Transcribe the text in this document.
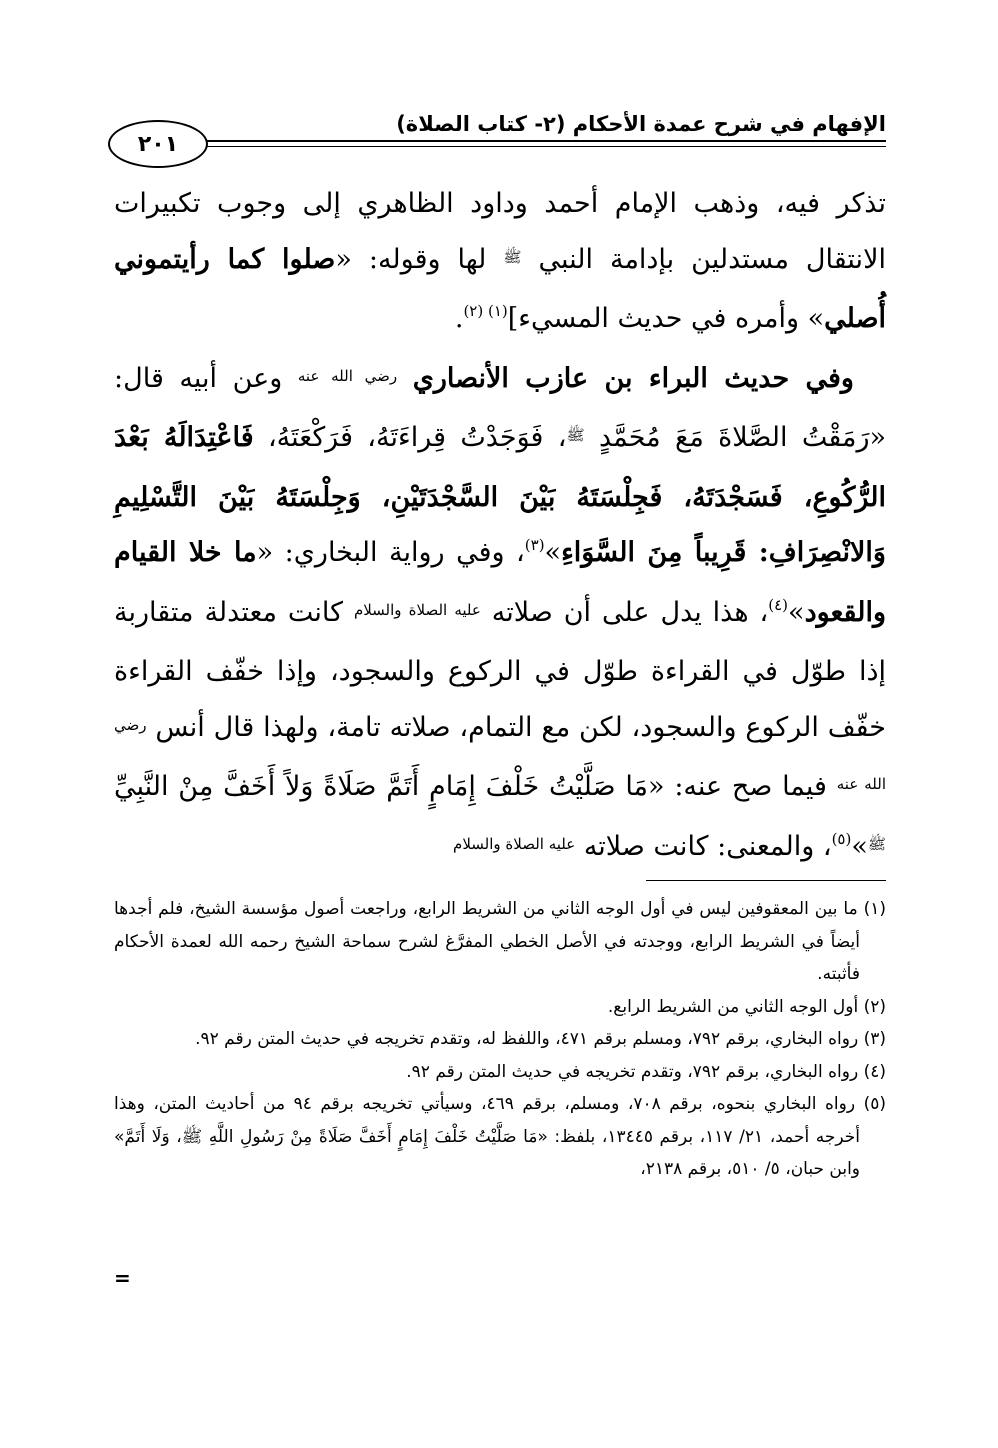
الإفهام في شرح عمدة الأحكام (٢- كتاب الصلاة)
٢٠١

تذكر فيه، وذهب الإمام أحمد وداود الظاهري إلى وجوب تكبيرات الانتقال مستدلين بإدامة النبي $^ﷺ$ لها وقوله: «صلوا كما رأيتموني أُصلي» وأمره في حديث المسيء]$^{(١) (٢)}$.

وفي حديث البراء بن عازب الأنصاري $^{رضي الله عنه}$ وعن أبيه قال: «رَمَقْتُ الصَّلاةَ مَعَ مُحَمَّدٍ $^ﷺ$، فَوَجَدْتُ قِراءَتَهُ، فَرَكْعَتَهُ، فَاعْتِدَالَهُ بَعْدَ الرُّكُوعِ، فَسَجْدَتَهُ، فَجِلْسَتَهُ بَيْنَ السَّجْدَتَيْنِ، وَجِلْسَتَهُ بَيْنَ التَّسْلِيمِ وَالانْصِرَافِ: قَرِيباً مِنَ السَّوَاءِ»$^{(٣)}$، وفي رواية البخاري: «ما خلا القيام والقعود»$^{(٤)}$، هذا يدل على أن صلاته $^{عليه الصلاة والسلام}$ كانت معتدلة متقاربة إذا طوّل في القراءة طوّل في الركوع والسجود، وإذا خفّف القراءة خفّف الركوع والسجود، لكن مع التمام، صلاته تامة، ولهذا قال أنس $^{رضي الله عنه}$ فيما صح عنه: «مَا صَلَّيْتُ خَلْفَ إِمَامٍ أَتَمَّ صَلَاةً وَلاً أَخَفَّ مِنْ النَّبِيِّ $^ﷺ$»$^{(٥)}$، والمعنى: كانت صلاته $^{عليه الصلاة والسلام}$

(١) ما بين المعقوفين ليس في أول الوجه الثاني من الشريط الرابع، وراجعت أصول مؤسسة الشيخ، فلم أجدها أيضاً في الشريط الرابع، ووجدته في الأصل الخطي المفرَّغ لشرح سماحة الشيخ رحمه الله لعمدة الأحكام فأثبته.

(٢) أول الوجه الثاني من الشريط الرابع.

(٣) رواه البخاري، برقم ٧٩٢، ومسلم برقم ٤٧١، واللفظ له، وتقدم تخريجه في حديث المتن رقم ٩٢.

(٤) رواه البخاري، برقم ٧٩٢، وتقدم تخريجه في حديث المتن رقم ٩٢.

(٥) رواه البخاري بنحوه، برقم ٧٠٨، ومسلم، برقم ٤٦٩، وسيأتي تخريجه برقم ٩٤ من أحاديث المتن، وهذا أخرجه أحمد، ٢١/ ١١٧، برقم ١٣٤٤٥، بلفظ: «مَا صَلَّيْتُ خَلْفَ إِمَامٍ أَخَفَّ صَلَاةً مِنْ رَسُولِ اللَّهِ ﷺ، وَلَا أَتَمَّ» وابن حبان، ٥/ ٥١٠، برقم ٢١٣٨،

=
